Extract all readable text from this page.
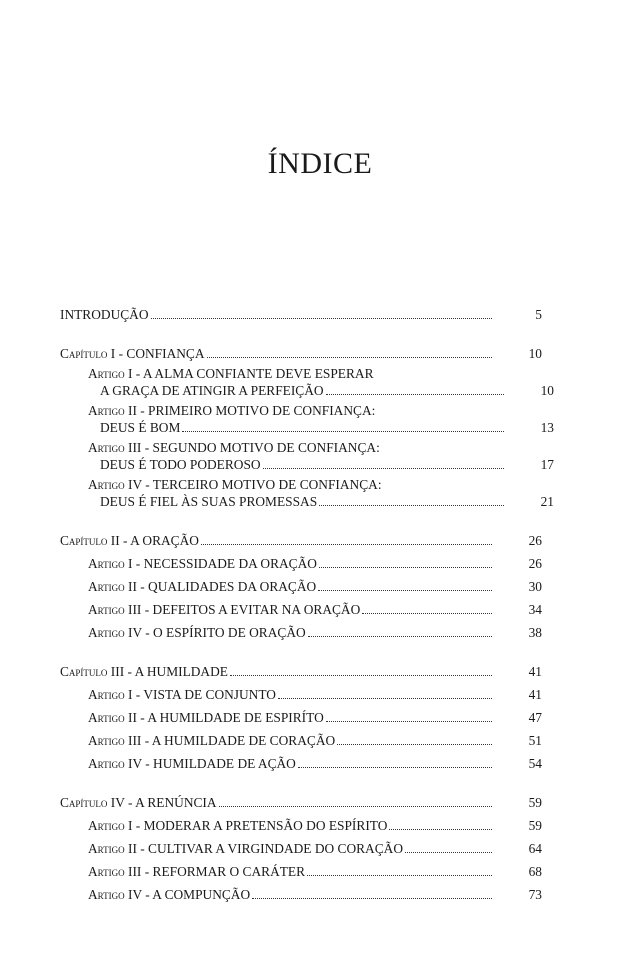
ÍNDICE
INTRODUÇÃO	5
Capítulo I - CONFIANÇA	10
Artigo I - A ALMA CONFIANTE DEVE ESPERAR
A GRAÇA DE ATINGIR A PERFEIÇÃO	10
Artigo II - PRIMEIRO MOTIVO DE CONFIANÇA:
DEUS É BOM	13
Artigo III - SEGUNDO MOTIVO DE CONFIANÇA:
DEUS É TODO PODEROSO	17
Artigo IV - TERCEIRO MOTIVO DE CONFIANÇA:
DEUS É FIEL ÀS SUAS PROMESSAS	21
Capítulo II - A ORAÇÃO	26
Artigo I - NECESSIDADE DA ORAÇÃO	26
Artigo II - QUALIDADES DA ORAÇÃO	30
Artigo III - DEFEITOS A EVITAR NA ORAÇÃO	34
Artigo IV - O ESPÍRITO DE ORAÇÃO	38
Capítulo III - A HUMILDADE	41
Artigo I - VISTA DE CONJUNTO	41
Artigo II - A HUMILDADE DE ESPIRÍTO	47
Artigo III - A HUMILDADE DE CORAÇÃO	51
Artigo IV - HUMILDADE DE AÇÃO	54
Capítulo IV - A RENÚNCIA	59
Artigo I - MODERAR A PRETENSÃO DO ESPÍRITO	59
Artigo II - CULTIVAR A VIRGINDADE DO CORAÇÃO	64
Artigo III - REFORMAR O CARÁTER	68
Artigo IV - A COMPUNÇÃO	73
